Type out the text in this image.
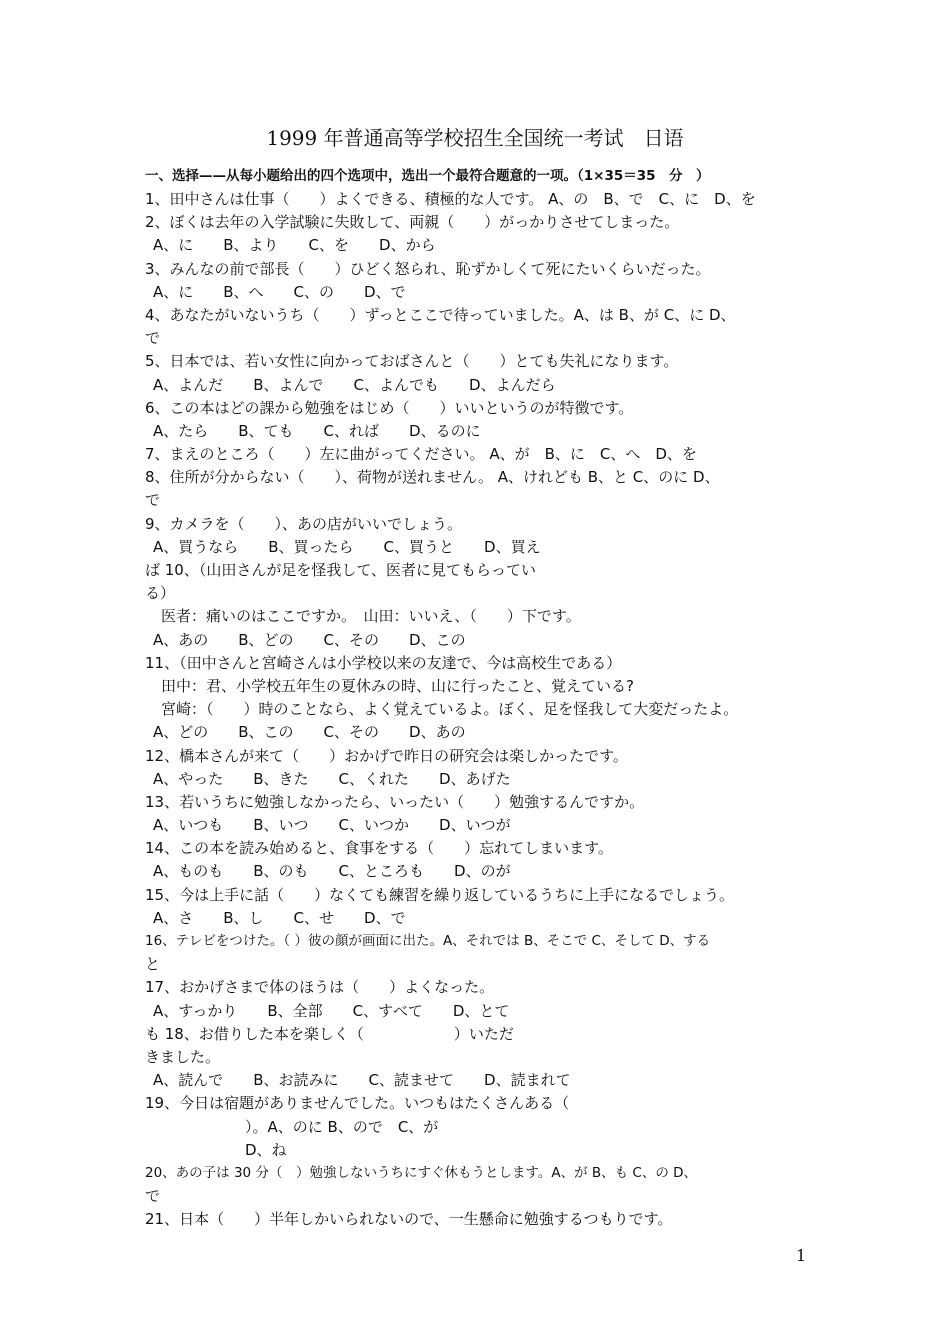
1999 年普通高等学校招生全国统一考试　日语
一、选择——从每小题给出的四个选项中，选出一个最符合题意的一项。（1×35＝35　分　）
1、田中さんは仕事（　　）よくできる、積極的な人です。 A、の　B、で　C、に　D、を
2、ぼくは去年の入学試験に失敗して、両親（　　）がっかりさせてしまった。
A、に　　B、より　　C、を　　D、から
3、みんなの前で部長（　　）ひどく怒られ、恥ずかしくて死にたいくらいだった。
A、に　　B、へ　　C、の　　D、で
4、あなたがいないうち（　　）ずっとここで待っていました。A、は B、が C、に D、
で
5、日本では、若い女性に向かっておばさんと（　　）とても失礼になります。
A、よんだ　　B、よんで　　C、よんでも　　D、よんだら
6、この本はどの課から勉強をはじめ（　　）いいというのが特徴です。
A、たら　　B、ても　　C、れば　　D、るのに
7、まえのところ（　　）左に曲がってください。 A、が　B、に　C、へ　D、を
8、住所が分からない（　　）、荷物が送れません。 A、けれども B、と C、のに D、
で
9、カメラを（　　）、あの店がいいでしょう。
A、買うなら　　B、買ったら　　C、買うと　　D、買え
ば 10、（山田さんが足を怪我して、医者に見てもらってい
る）
医者：痛いのはここですか。　山田：いいえ、（　　）下です。
A、あの　　B、どの　　C、その　　D、この
11、（田中さんと宮崎さんは小学校以来の友達で、今は高校生である）
田中：君、小学校五年生の夏休みの時、山に行ったこと、覚えている?
宮崎：（　　）時のことなら、よく覚えているよ。ぼく、足を怪我して大変だったよ。
A、どの　　B、この　　C、その　　D、あの
12、橋本さんが来て（　　）おかげで昨日の研究会は楽しかったです。
A、やった　　B、きた　　C、くれた　　D、あげた
13、若いうちに勉強しなかったら、いったい（　　）勉強するんですか。
A、いつも　　B、いつ　　C、いつか　　D、いつが
14、この本を読み始めると、食事をする（　　）忘れてしまいます。
A、ものも　　B、のも　　C、ところも　　D、のが
15、今は上手に話（　　）なくても練習を繰り返しているうちに上手になるでしょう。
A、さ　　B、し　　C、せ　　D、で
16、テレビをつけた。（ ）彼の顔が画面に出た。A、それでは B、そこで C、そして D、する
と
17、おかげさまで体のほうは（　　）よくなった。
A、すっかり　　B、全部　　C、すべて　　D、とて
も 18、お借りした本を楽しく（　　　　　　）いただ
きました。
A、読んで　　B、お読みに　　C、読ませて　　D、読まれて
19、今日は宿題がありませんでした。いつもはたくさんある（
）。A、のに B、ので　C、が
D、ね
20、あの子は 30 分（　）勉強しないうちにすぐ休もうとします。A、が B、も C、の D、
で
21、日本（　　）半年しかいられないので、一生懸命に勉強するつもりです。
1
